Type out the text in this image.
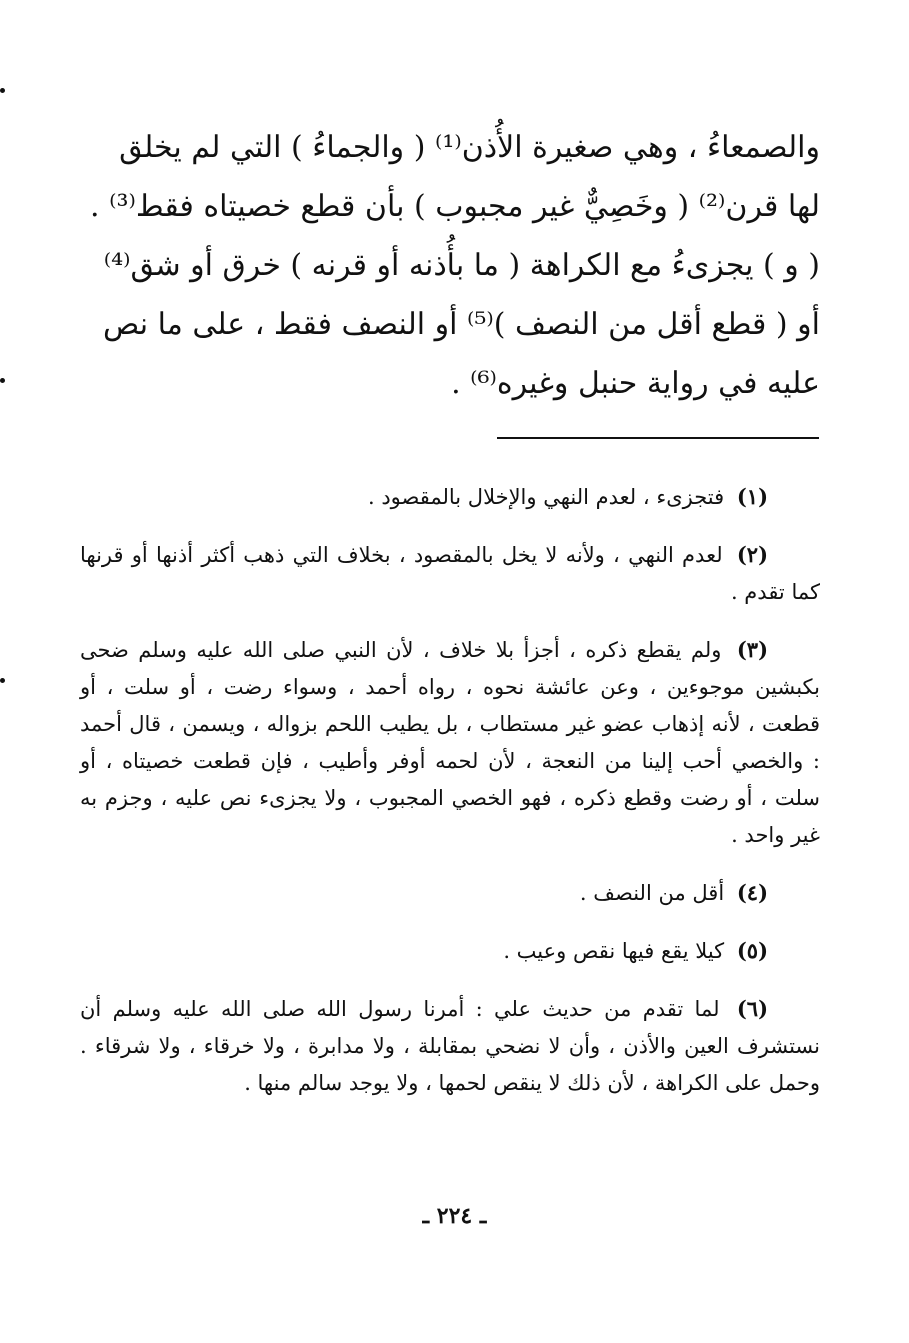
والصمعاءُ ، وهي صغيرة الأُذن⁽¹⁾ ( والجماءُ ) التي لم يخلق

لها قرن⁽²⁾ ( وخَصِيٌّ غير مجبوب ) بأن قطع خصيتاه فقط⁽³⁾ .

( و ) يجزىءُ مع الكراهة ( ما بأُذنه أو قرنه ) خرق أو شق⁽⁴⁾

أو ( قطع أقل من النصف )⁽⁵⁾ أو النصف فقط ، على ما نص

عليه في رواية حنبل وغيره⁽⁶⁾ .

(١) فتجزىء ، لعدم النهي والإخلال بالمقصود .

(٢) لعدم النهي ، ولأنه لا يخل بالمقصود ، بخلاف التي ذهب أكثر أذنها أو قرنها كما تقدم .

(٣) ولم يقطع ذكره ، أجزأ بلا خلاف ، لأن النبي صلى الله عليه وسلم ضحى بكبشين موجوءين ، وعن عائشة نحوه ، رواه أحمد ، وسواء رضت ، أو سلت ، أو قطعت ، لأنه إذهاب عضو غير مستطاب ، بل يطيب اللحم بزواله ، ويسمن ، قال أحمد : والخصي أحب إلينا من النعجة ، لأن لحمه أوفر وأطيب ، فإن قطعت خصيتاه ، أو سلت ، أو رضت وقطع ذكره ، فهو الخصي المجبوب ، ولا يجزىء نص عليه ، وجزم به غير واحد .

(٤) أقل من النصف .

(٥) كيلا يقع فيها نقص وعيب .

(٦) لما تقدم من حديث علي : أمرنا رسول الله صلى الله عليه وسلم أن نستشرف العين والأذن ، وأن لا نضحي بمقابلة ، ولا مدابرة ، ولا خرقاء ، ولا شرقاء . وحمل على الكراهة ، لأن ذلك لا ينقص لحمها ، ولا يوجد سالم منها .

ـ ٢٢٤ ـ
